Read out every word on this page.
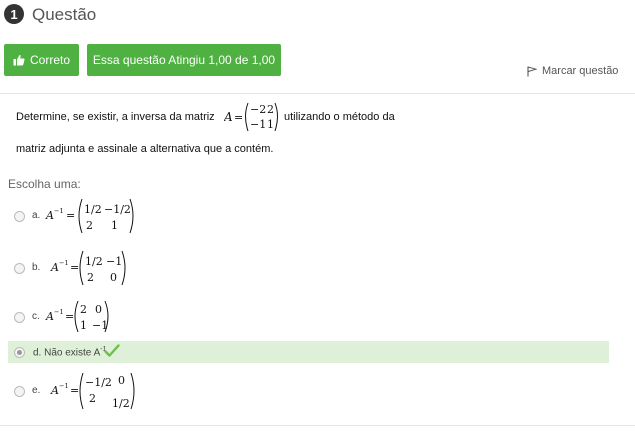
1 Questão
Correto Essa questão Atingiu 1,00 de 1,00
Marcar questão
Determine, se existir, a inversa da matriz A =
−2 2
−1 1
utilizando o método da
matriz adjunta e assinale a alternativa que a contém.
Escolha uma:
a. A −1 = 1/2 −1/2
2 1
b. A −1 = 1/2 −1
2 0
c. A −1 =
2 0
1 −1
d. Não existe $A^{-1}$
e. A −1 =
−1/2 0
2 1/2
